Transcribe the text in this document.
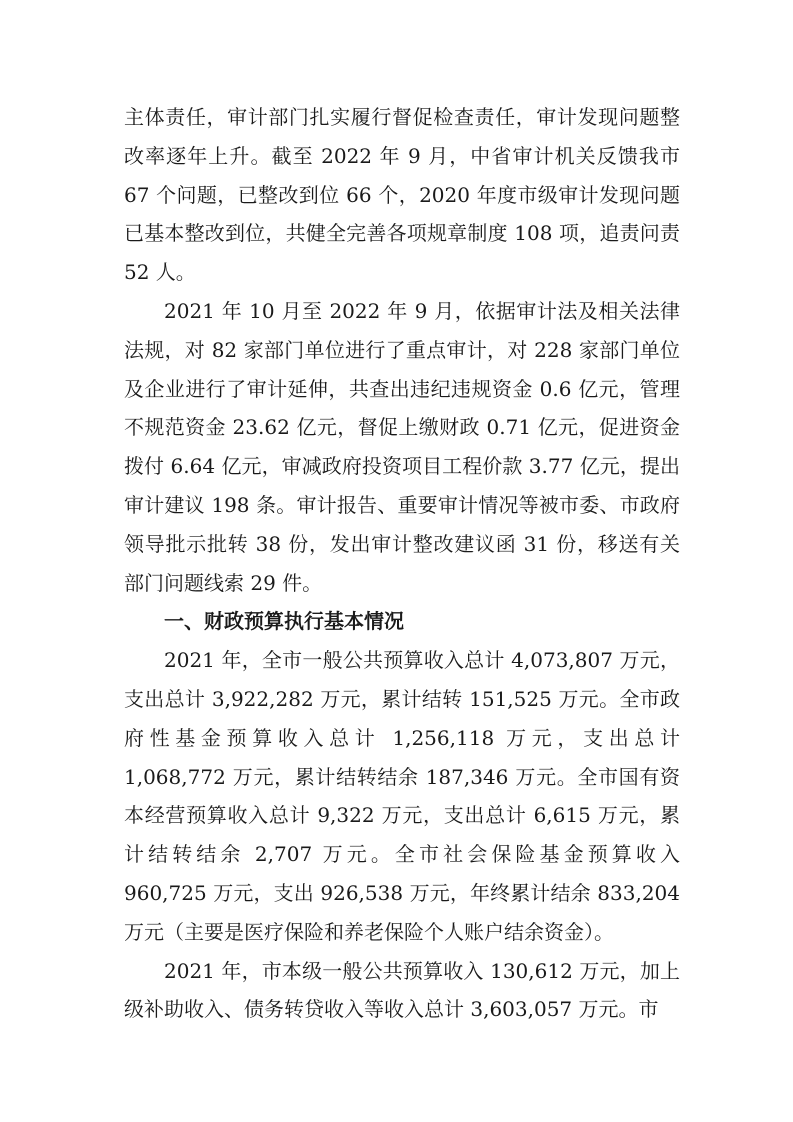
主体责任，审计部门扎实履行督促检查责任，审计发现问题整改率逐年上升。截至 2022 年 9 月，中省审计机关反馈我市 67 个问题，已整改到位 66 个，2020 年度市级审计发现问题已基本整改到位，共健全完善各项规章制度 108 项，追责问责 52 人。

2021 年 10 月至 2022 年 9 月，依据审计法及相关法律法规，对 82 家部门单位进行了重点审计，对 228 家部门单位及企业进行了审计延伸，共查出违纪违规资金 0.6 亿元，管理不规范资金 23.62 亿元，督促上缴财政 0.71 亿元，促进资金拨付 6.64 亿元，审减政府投资项目工程价款 3.77 亿元，提出审计建议 198 条。审计报告、重要审计情况等被市委、市政府领导批示批转 38 份，发出审计整改建议函 31 份，移送有关部门问题线索 29 件。

一、财政预算执行基本情况

2021 年，全市一般公共预算收入总计 4,073,807 万元，支出总计 3,922,282 万元，累计结转 151,525 万元。全市政府性基金预算收入总计 1,256,118 万元，支出总计 1,068,772 万元，累计结转结余 187,346 万元。全市国有资本经营预算收入总计 9,322 万元，支出总计 6,615 万元，累计结转结余 2,707 万元。全市社会保险基金预算收入 960,725 万元，支出 926,538 万元，年终累计结余 833,204 万元（主要是医疗保险和养老保险个人账户结余资金）。

2021 年，市本级一般公共预算收入 130,612 万元，加上级补助收入、债务转贷收入等收入总计 3,603,057 万元。市
